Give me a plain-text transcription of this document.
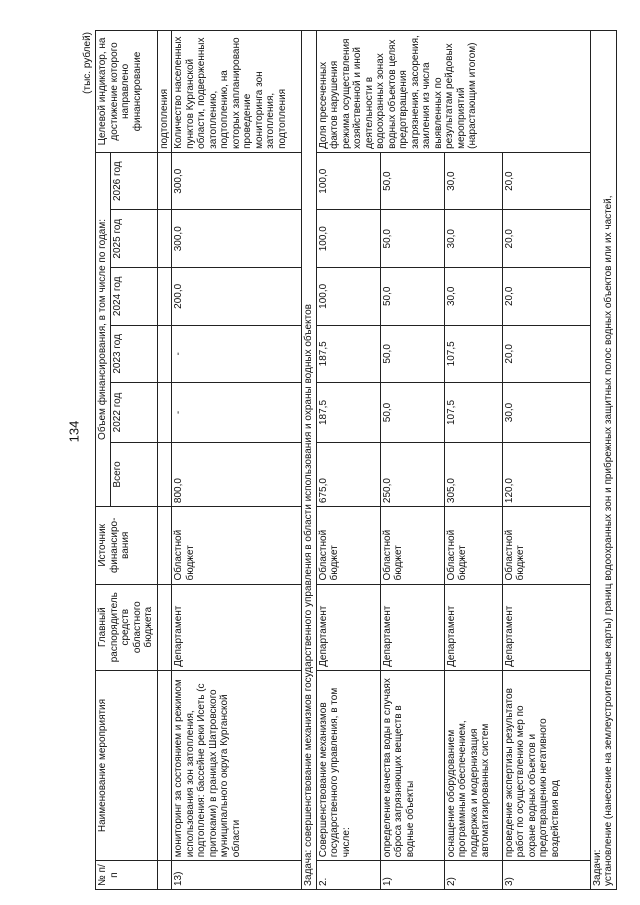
134
(тыс. рублей)
№ п/п	Наименование мероприятия	Главный распорядитель средств областного бюджета	Источник финансиро-вания	Объем финансирования, в том числе по годам:						Целевой индикатор, на достижение которого направлено финансирование
				Всего	2022 год	2023 год	2024 год	2025 год	2026 год	
										подтопления
13)	мониторинг за состоянием и режимом использования зон затопления, подтопления: бассейне реки Исеть (с притоками) в границах Шатровского муниципального округа Курганской области	Департамент	Областной бюджет	800,0	-	-	200,0	300,0	300,0	Количество населенных пунктов Курганской области, подверженных затоплению, подтоплению, на которых запланировано проведение мониторинга зон затопления, подтопления
Задача: совершенствование механизмов государственного управления в области использования и охраны водных объектов										
2.	Совершенствование механизмов государственного управления, в том числе:	Департамент	Областной бюджет	675,0	187,5	187,5	100,0	100,0	100,0	Доля пресеченных фактов нарушения режима осуществления хозяйственной и иной деятельности в водоохранных зонах водных объектов целях предотвращения загрязнения, засорения, заиления из числа выявленных по результатам рейдовых мероприятий (нарастающим итогом)
1)	определение качества воды в случаях сброса загрязняющих веществ в водные объекты	Департамент	Областной бюджет	250,0	50,0	50,0	50,0	50,0	50,0	
2)	оснащение оборудованием программным обеспечением, поддержка и модернизация автоматизированных систем	Департамент	Областной бюджет	305,0	107,5	107,5	30,0	30,0	30,0	
3)	проведение экспертизы результатов работ по осуществлению мер по охране водных объектов и предотвращению негативного воздействия вод	Департамент	Областной бюджет	120,0	30,0	20,0	20,0	20,0	20,0	

Задачи: установление (нанесение на землеустроительные карты) границ водоохранных зон и прибрежных защитных полос водных объектов или их частей,										
